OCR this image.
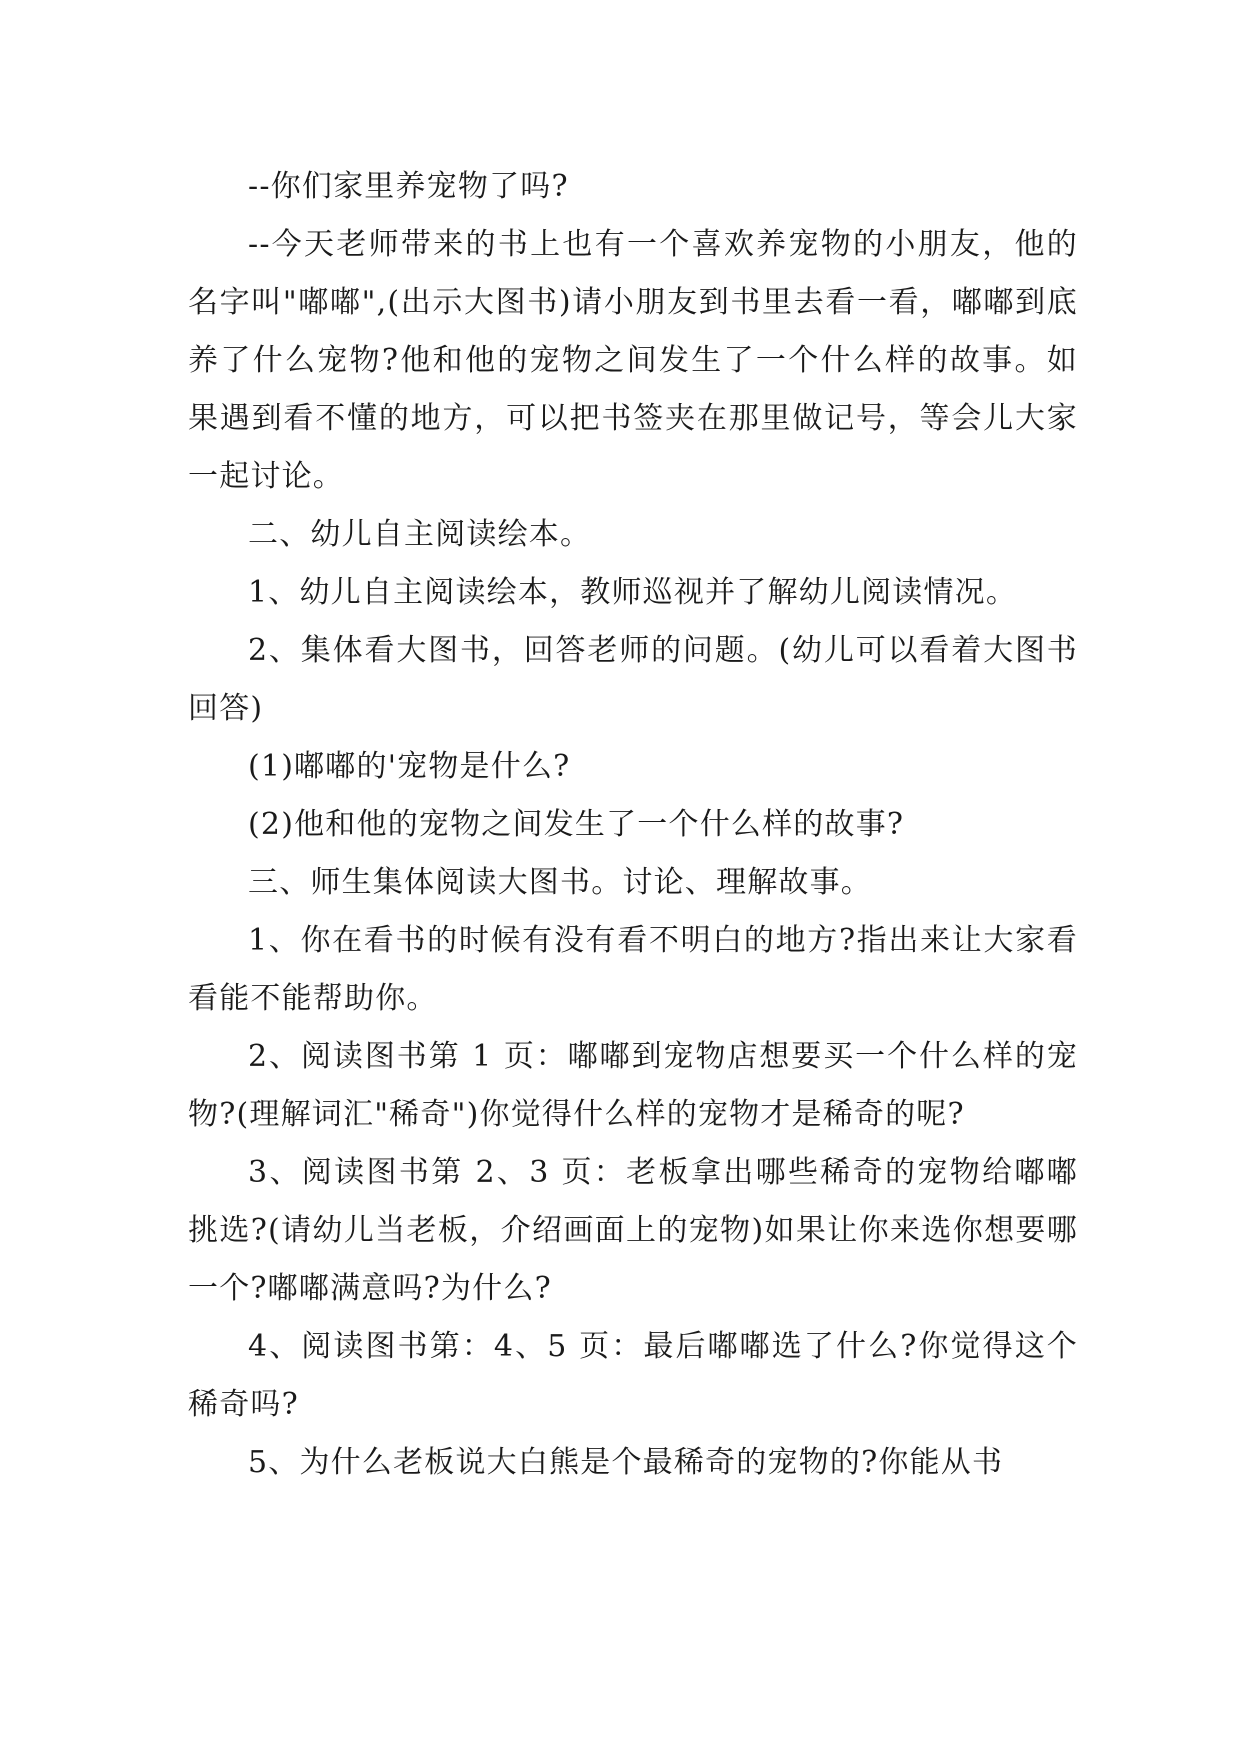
--你们家里养宠物了吗?

--今天老师带来的书上也有一个喜欢养宠物的小朋友，他的名字叫"嘟嘟",(出示大图书)请小朋友到书里去看一看，嘟嘟到底养了什么宠物?他和他的宠物之间发生了一个什么样的故事。如果遇到看不懂的地方，可以把书签夹在那里做记号，等会儿大家一起讨论。

二、幼儿自主阅读绘本。

1、幼儿自主阅读绘本，教师巡视并了解幼儿阅读情况。

2、集体看大图书，回答老师的问题。(幼儿可以看着大图书回答)

(1)嘟嘟的'宠物是什么?

(2)他和他的宠物之间发生了一个什么样的故事?

三、师生集体阅读大图书。讨论、理解故事。

1、你在看书的时候有没有看不明白的地方?指出来让大家看看能不能帮助你。

2、阅读图书第 1 页：嘟嘟到宠物店想要买一个什么样的宠物?(理解词汇"稀奇")你觉得什么样的宠物才是稀奇的呢?

3、阅读图书第 2、3 页：老板拿出哪些稀奇的宠物给嘟嘟挑选?(请幼儿当老板，介绍画面上的宠物)如果让你来选你想要哪一个?嘟嘟满意吗?为什么?

4、阅读图书第：4、5 页：最后嘟嘟选了什么?你觉得这个稀奇吗?

5、为什么老板说大白熊是个最稀奇的宠物的?你能从书
